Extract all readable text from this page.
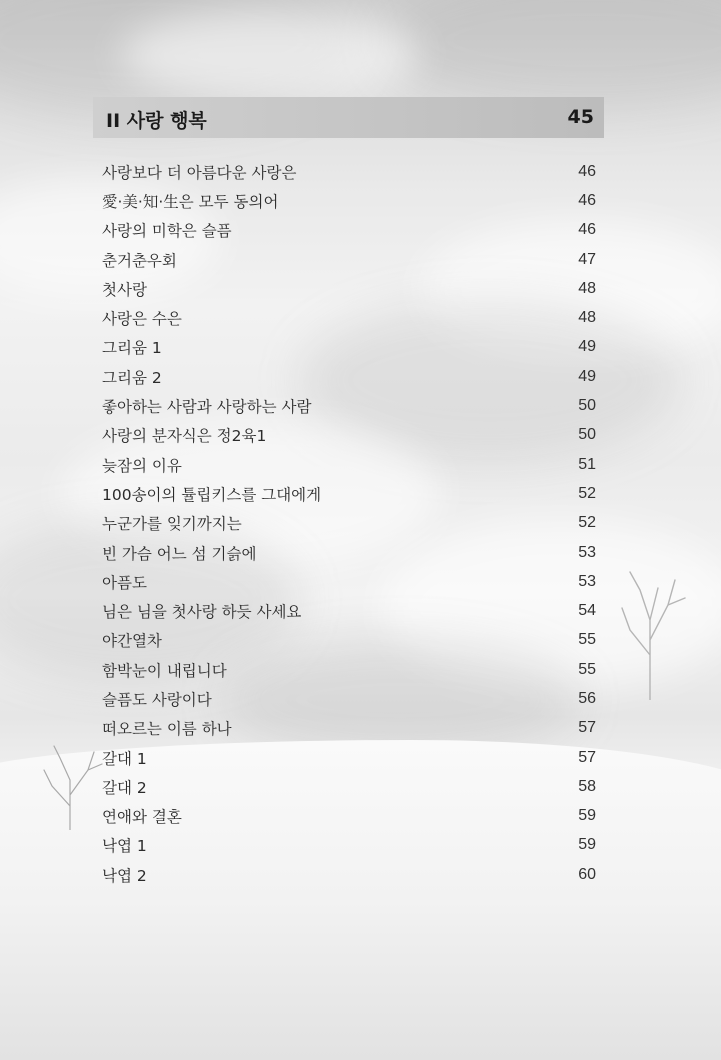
II 사랑 행복	45
사랑보다 더 아름다운 사랑은	46
愛·美·知·生은 모두 동의어	46
사랑의 미학은 슬픔	46
춘거춘우회	47
첫사랑	48
사랑은 수은	48
그리움 1	49
그리움 2	49
좋아하는 사람과 사랑하는 사람	50
사랑의 분자식은 정2육1	50
늦잠의 이유	51
100송이의 튤립키스를 그대에게	52
누군가를 잊기까지는	52
빈 가슴 어느 섬 기슭에	53
아픔도	53
님은 님을 첫사랑 하듯 사세요	54
야간열차	55
함박눈이 내립니다	55
슬픔도 사랑이다	56
떠오르는 이름 하나	57
갈대 1	57
갈대 2	58
연애와 결혼	59
낙엽 1	59
낙엽 2	60
